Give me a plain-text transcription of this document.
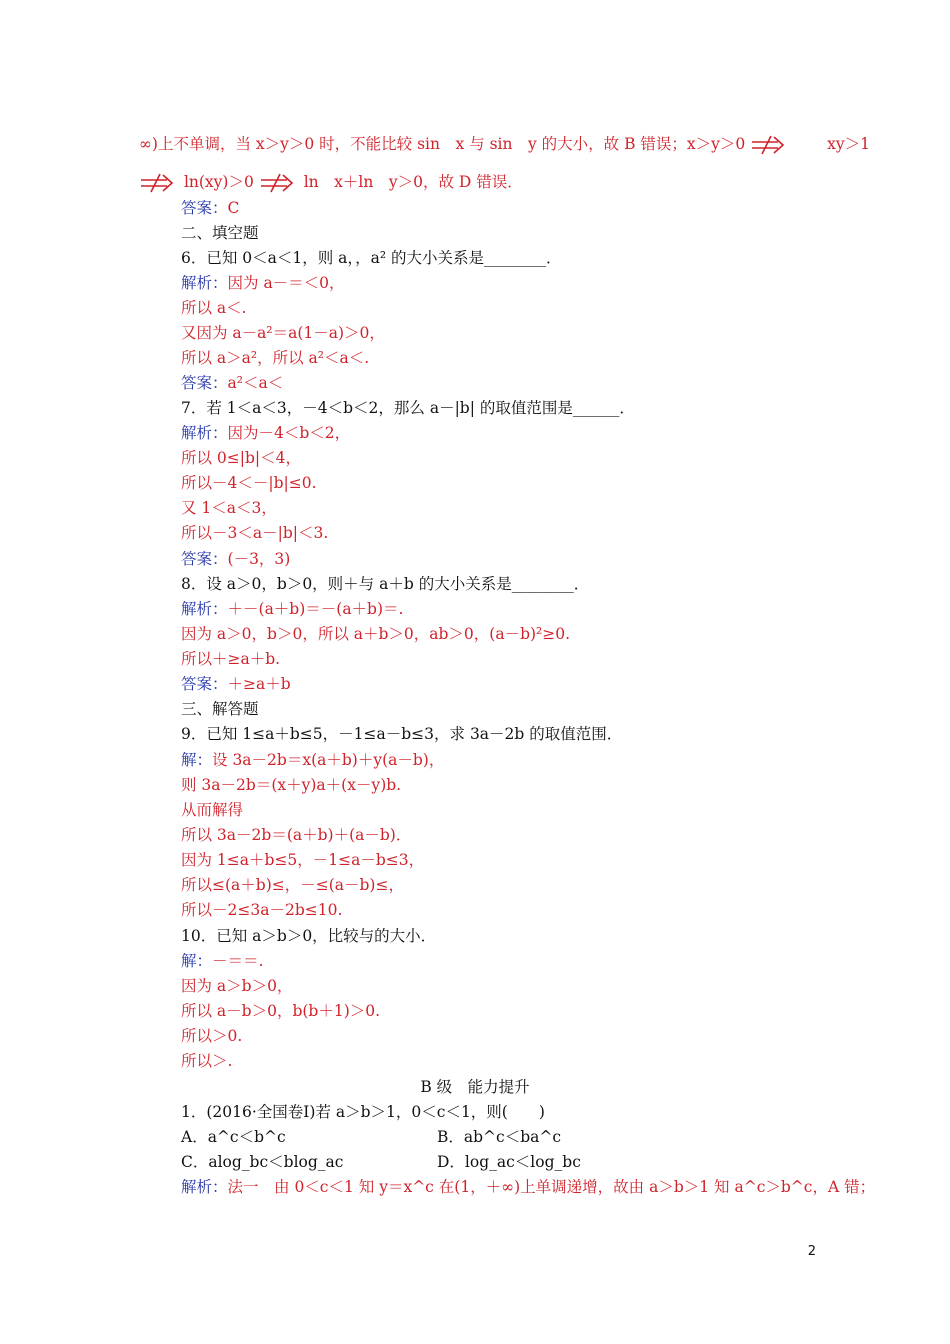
∞)上不单调，当 x＞y＞0 时，不能比较 sin　x 与 sin　y 的大小，故 B 错误；x＞y＞0	xy＞1
ln(xy)＞0	ln　x＋ln　y＞0，故 D 错误．
答案：C
二、填空题
6．已知 0＜a＜1，则 a，，a² 的大小关系是________．
解析：因为 a－＝＜0，
所以 a＜.
又因为 a－a²＝a(1－a)＞0，
所以 a＞a²，所以 a²＜a＜.
答案：a²＜a＜
7．若 1＜a＜3，－4＜b＜2，那么 a－|b| 的取值范围是______．
解析：因为－4＜b＜2，
所以 0≤|b|＜4，
所以－4＜－|b|≤0.
又 1＜a＜3，
所以－3＜a－|b|＜3.
答案：(－3，3)
8．设 a＞0，b＞0，则＋与 a＋b 的大小关系是________．
解析：＋－(a＋b)＝－(a＋b)＝.
因为 a＞0，b＞0，所以 a＋b＞0，ab＞0，(a－b)²≥0.
所以＋≥a＋b.
答案：＋≥a＋b
三、解答题
9．已知 1≤a＋b≤5，－1≤a－b≤3，求 3a－2b 的取值范围．
解：设 3a－2b＝x(a＋b)＋y(a－b)，
则 3a－2b＝(x＋y)a＋(x－y)b.
从而解得
所以 3a－2b＝(a＋b)＋(a－b)．
因为 1≤a＋b≤5，－1≤a－b≤3，
所以≤(a＋b)≤，－≤(a－b)≤，
所以－2≤3a－2b≤10.
10．已知 a＞b＞0，比较与的大小．
解：－＝＝.
因为 a＞b＞0，
所以 a－b＞0，b(b＋1)＞0.
所以＞0.
所以＞.
B 级　能力提升
1．(2016·全国卷Ⅰ)若 a＞b＞1，0＜c＜1，则(　　)
A．a^c＜b^c	B．ab^c＜ba^c
C．alog_bc＜blog_ac	D．log_ac＜log_bc
解析：法一　由 0＜c＜1 知 y＝x^c 在(1，＋∞)上单调递增，故由 a＞b＞1 知 a^c＞b^c，A 错；
2
